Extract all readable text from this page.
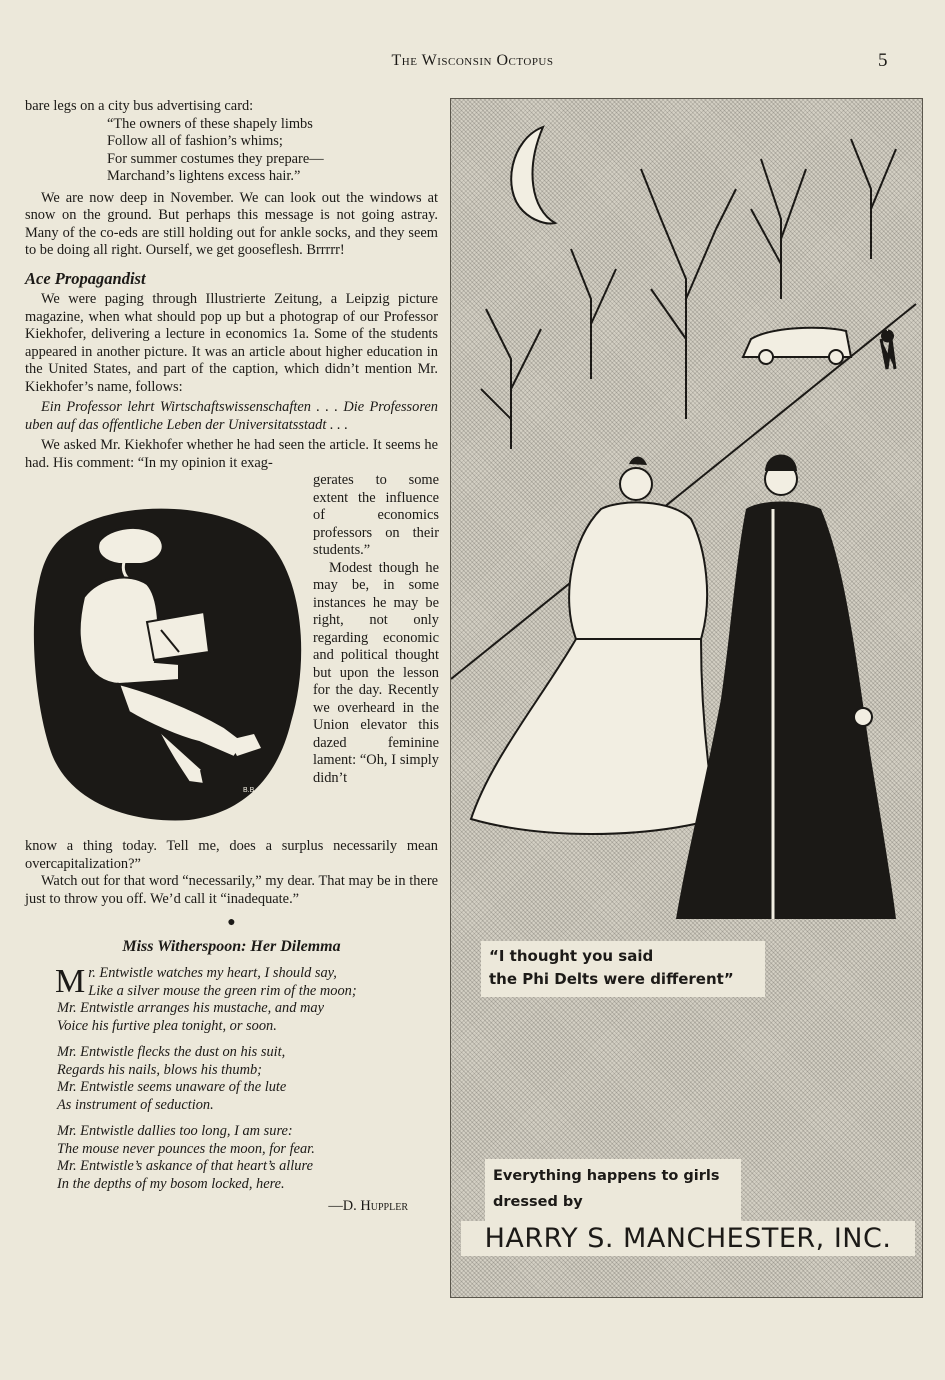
The Wisconsin Octopus	5

bare legs on a city bus advertising card:

“The owners of these shapely limbs
Follow all of fashion’s whims;
For summer costumes they prepare—
Marchand’s lightens excess hair.”

We are now deep in November. We can look out the windows at snow on the ground. But perhaps this message is not going astray. Many of the co-eds are still holding out for ankle socks, and they seem to be doing all right. Ourself, we get gooseflesh. Brrrrr!

Ace Propagandist

We were paging through Illustrierte Zeitung, a Leipzig picture magazine, when what should pop up but a photograp of our Professor Kiekhofer, delivering a lecture in economics 1a. Some of the students appeared in another picture. It was an article about higher education in the United States, and part of the caption, which didn’t mention Mr. Kiekhofer’s name, follows:

Ein Professor lehrt Wirtschaftswissenschaften . . . Die Professoren uben auf das offentliche Leben der Universitatsstadt . . .

We asked Mr. Kiekhofer whether he had seen the article. It seems he had. His comment: “In my opinion it exag-

B.B.

gerates to some extent the influence of economics professors on their students.”

Modest though he may be, in some instances he may be right, not only regarding economic and political thought but upon the lesson for the day. Recently we overheard in the Union elevator this dazed feminine lament: “Oh, I simply didn’t

know a thing today. Tell me, does a surplus necessarily mean overcapitalization?”

Watch out for that word “necessarily,” my dear. That may be in there just to throw you off. We’d call it “inadequate.”

●
Miss Witherspoon: Her Dilemma
M r. Entwistle watches my heart, I should say,
Like a silver mouse the green rim of the moon;
Mr. Entwistle arranges his mustache, and may
Voice his furtive plea tonight, or soon.
Mr. Entwistle flecks the dust on his suit,
Regards his nails, blows his thumb;
Mr. Entwistle seems unaware of the lute
As instrument of seduction.
Mr. Entwistle dallies too long, I am sure:
The mouse never pounces the moon, for fear.
Mr. Entwistle’s askance of that heart’s allure
In the depths of my bosom locked, here.
—D. Huppler
“I thought you said
the Phi Delts were different”
Everything happens to girls
dressed by
HARRY S. MANCHESTER, INC.
